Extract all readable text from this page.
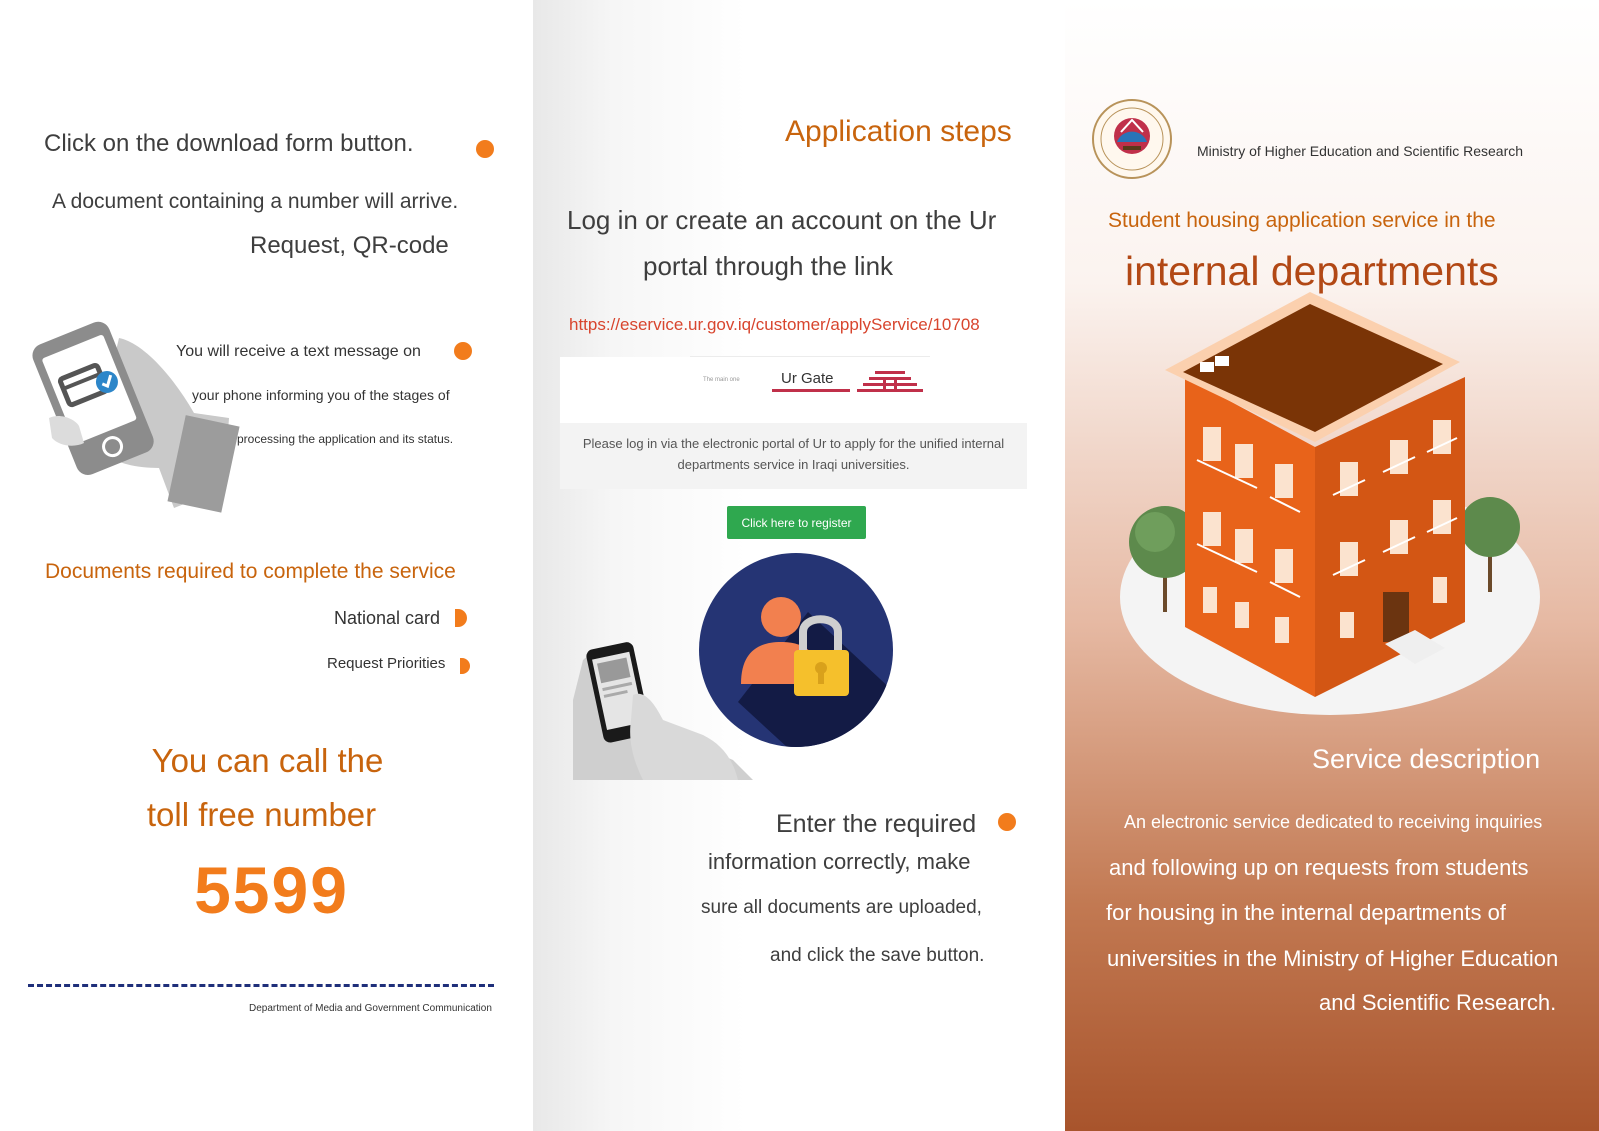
Click on the download form button.
A document containing a number will arrive.
Request, QR-code
You will receive a text message on
your phone informing you of the stages of
processing the application and its status.
Documents required to complete the service
National card
Request Priorities
You can call the
toll free number
5599
Department of Media and Government Communication
Application steps
Log in or create an account on the Ur
portal through the link
https://eservice.ur.gov.iq/customer/applyService/10708
The main one	Ur Gate
Please log in via the electronic portal of Ur to apply for the unified internal departments service in Iraqi universities.
Click here to register
Enter the required
information correctly, make
sure all documents are uploaded,
and click the save button.
Ministry of Higher Education and Scientific Research
Student housing application service in the
internal departments
Service description
An electronic service dedicated to receiving inquiries
and following up on requests from students
for housing in the internal departments of
universities in the Ministry of Higher Education
and Scientific Research.
